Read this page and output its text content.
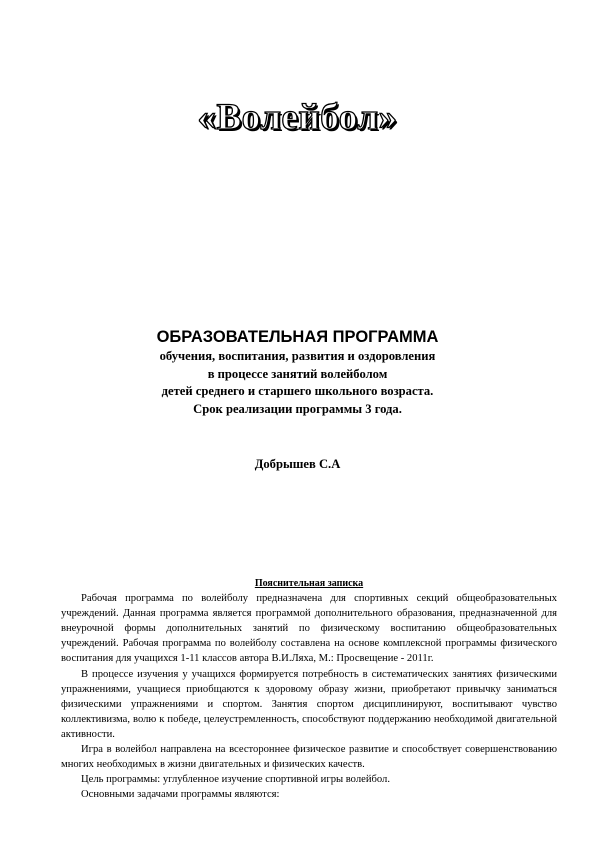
«Волейбол»

ОБРАЗОВАТЕЛЬНАЯ ПРОГРАММА

обучения, воспитания, развития и оздоровления

в процессе занятий волейболом

детей среднего и старшего школьного возраста.

Срок реализации программы 3 года.

Добрышев С.А

Пояснительная записка

Рабочая программа по волейболу предназначена для спортивных секций общеобразовательных учреждений. Данная программа является программой дополнительного образования, предназначенной для внеурочной формы дополнительных занятий по физическому воспитанию общеобразовательных учреждений. Рабочая программа по волейболу составлена на основе комплексной программы физического воспитания для учащихся 1-11 классов автора В.И.Ляха, М.: Просвещение - 2011г.

В процессе изучения у учащихся формируется потребность в систематических занятиях физическими упражнениями, учащиеся приобщаются к здоровому образу жизни, приобретают привычку заниматься физическими упражнениями и спортом. Занятия спортом дисциплинируют, воспитывают чувство коллективизма, волю к победе, целеустремленность, способствуют поддержанию необходимой двигательной активности.

Игра в волейбол направлена на всестороннее физическое развитие и способствует совершенствованию многих необходимых в жизни двигательных и физических качеств.

Цель программы: углубленное изучение спортивной игры волейбол.

Основными задачами программы являются:
